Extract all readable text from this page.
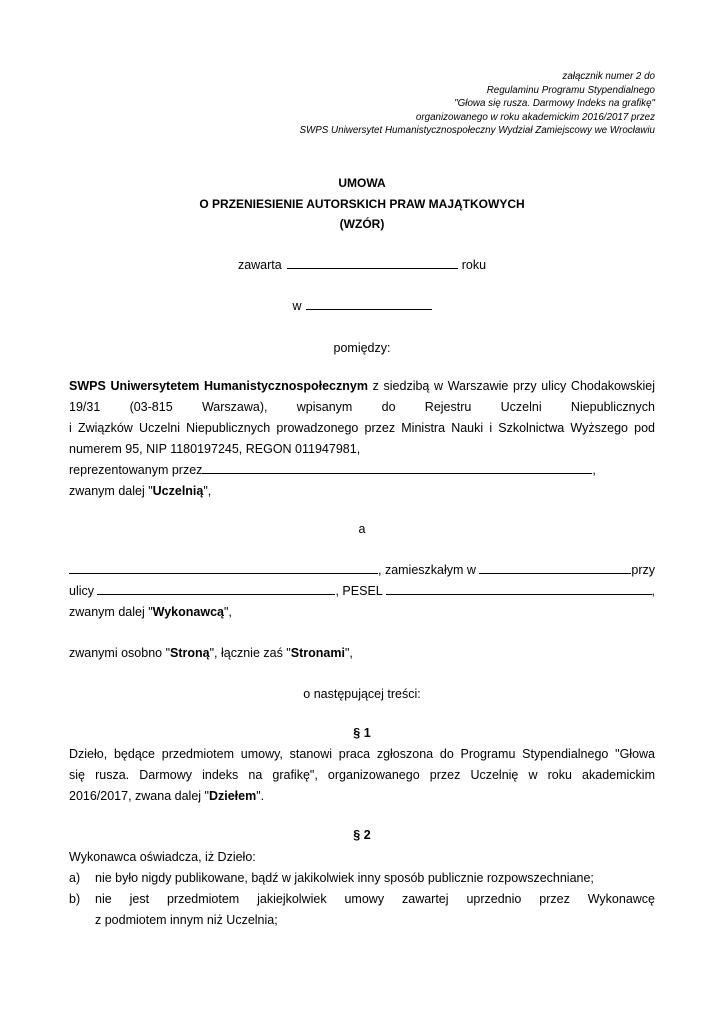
załącznik numer 2 do
Regulaminu Programu Stypendialnego
"Głowa się rusza. Darmowy Indeks na grafikę"
organizowanego w roku akademickim 2016/2017 przez
SWPS Uniwersytet Humanistycznospołeczny Wydział Zamiejscowy we Wrocławiu
UMOWA
O PRZENIESIENIE AUTORSKICH PRAW MAJĄTKOWYCH
(WZÓR)
zawarta	roku
w
pomiędzy:
SWPS Uniwersytetem Humanistycznospołecznym z siedzibą w Warszawie przy ulicy Chodakowskiej
19/31 (03-815 Warszawa), wpisanym do Rejestru Uczelni Niepublicznych
i Związków Uczelni Niepublicznych prowadzonego przez Ministra Nauki i Szkolnictwa Wyższego pod
numerem 95, NIP 1180197245, REGON 011947981,
reprezentowanym przez	,
zwanym dalej "Uczelnią",
a
, zamieszkałym w	przy
ulicy	, PESEL	,
zwanym dalej "Wykonawcą",
zwanymi osobno "Stroną", łącznie zaś "Stronami",
o następującej treści:
§ 1
Dzieło, będące przedmiotem umowy, stanowi praca zgłoszona do Programu Stypendialnego "Głowa
się rusza. Darmowy indeks na grafikę", organizowanego przez Uczelnię w roku akademickim
2016/2017, zwana dalej "Dziełem".
§ 2
Wykonawca oświadcza, iż Dzieło:
a) nie było nigdy publikowane, bądź w jakikolwiek inny sposób publicznie rozpowszechniane;
b) nie jest przedmiotem jakiejkolwiek umowy zawartej uprzednio przez Wykonawcę
z podmiotem innym niż Uczelnia;
